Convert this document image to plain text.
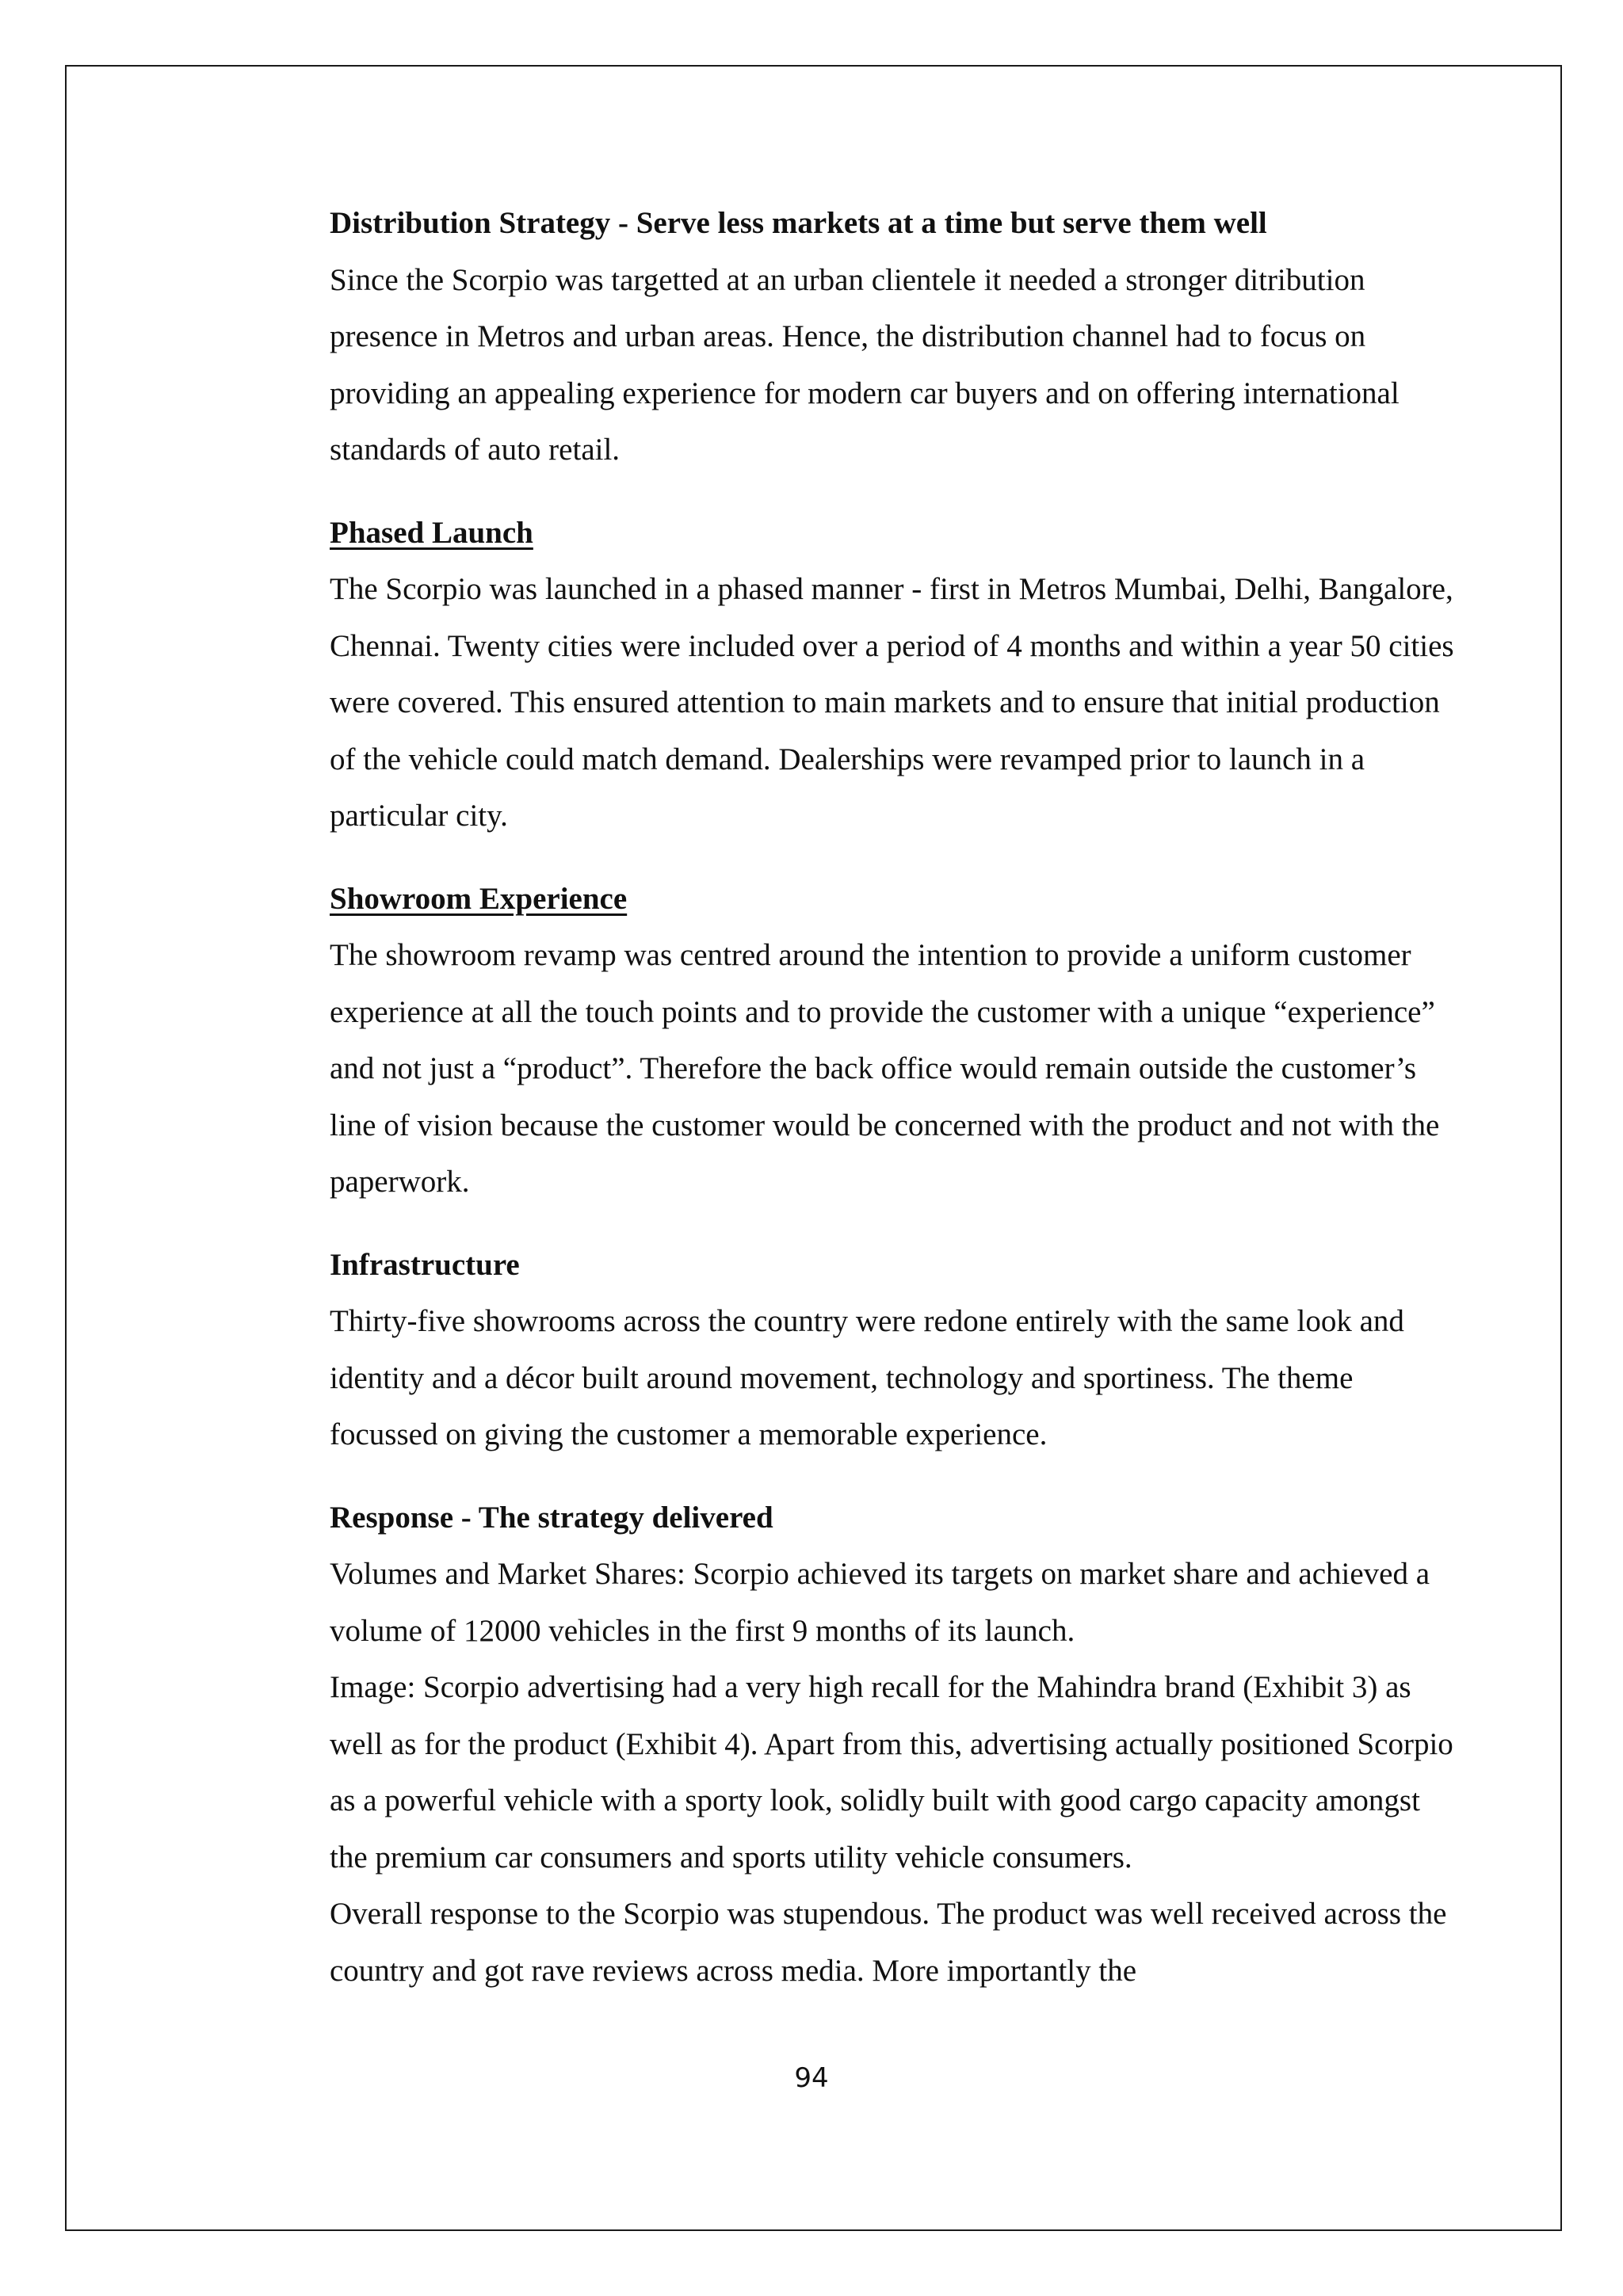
Distribution Strategy - Serve less markets at a time but serve them well

Since the Scorpio was targetted at an urban clientele it needed a stronger ditribution presence in Metros and urban areas. Hence, the distribution channel had to focus on providing an appealing experience for modern car buyers and on offering international standards of auto retail.

Phased Launch

The Scorpio was launched in a phased manner - first in Metros Mumbai, Delhi, Bangalore, Chennai. Twenty cities were included over a period of 4 months and within a year 50 cities were covered. This ensured attention to main markets and to ensure that initial production of the vehicle could match demand. Dealerships were revamped prior to launch in a particular city.

Showroom Experience

The showroom revamp was centred around the intention to provide a uniform customer experience at all the touch points and to provide the customer with a unique “experience” and not just a “product”. Therefore the back office would remain outside the customer’s line of vision because the customer would be concerned with the product and not with the paperwork.

Infrastructure

Thirty-five showrooms across the country were redone entirely with the same look and identity and a décor built around movement, technology and sportiness. The theme focussed on giving the customer a memorable experience.

Response - The strategy delivered

Volumes and Market Shares: Scorpio achieved its targets on market share and achieved a volume of 12000 vehicles in the first 9 months of its launch.

Image: Scorpio advertising had a very high recall for the Mahindra brand (Exhibit 3) as well as for the product (Exhibit 4). Apart from this, advertising actually positioned Scorpio as a powerful vehicle with a sporty look, solidly built with good cargo capacity amongst the premium car consumers and sports utility vehicle consumers.

Overall response to the Scorpio was stupendous. The product was well received across the country and got rave reviews across media. More importantly the

94
